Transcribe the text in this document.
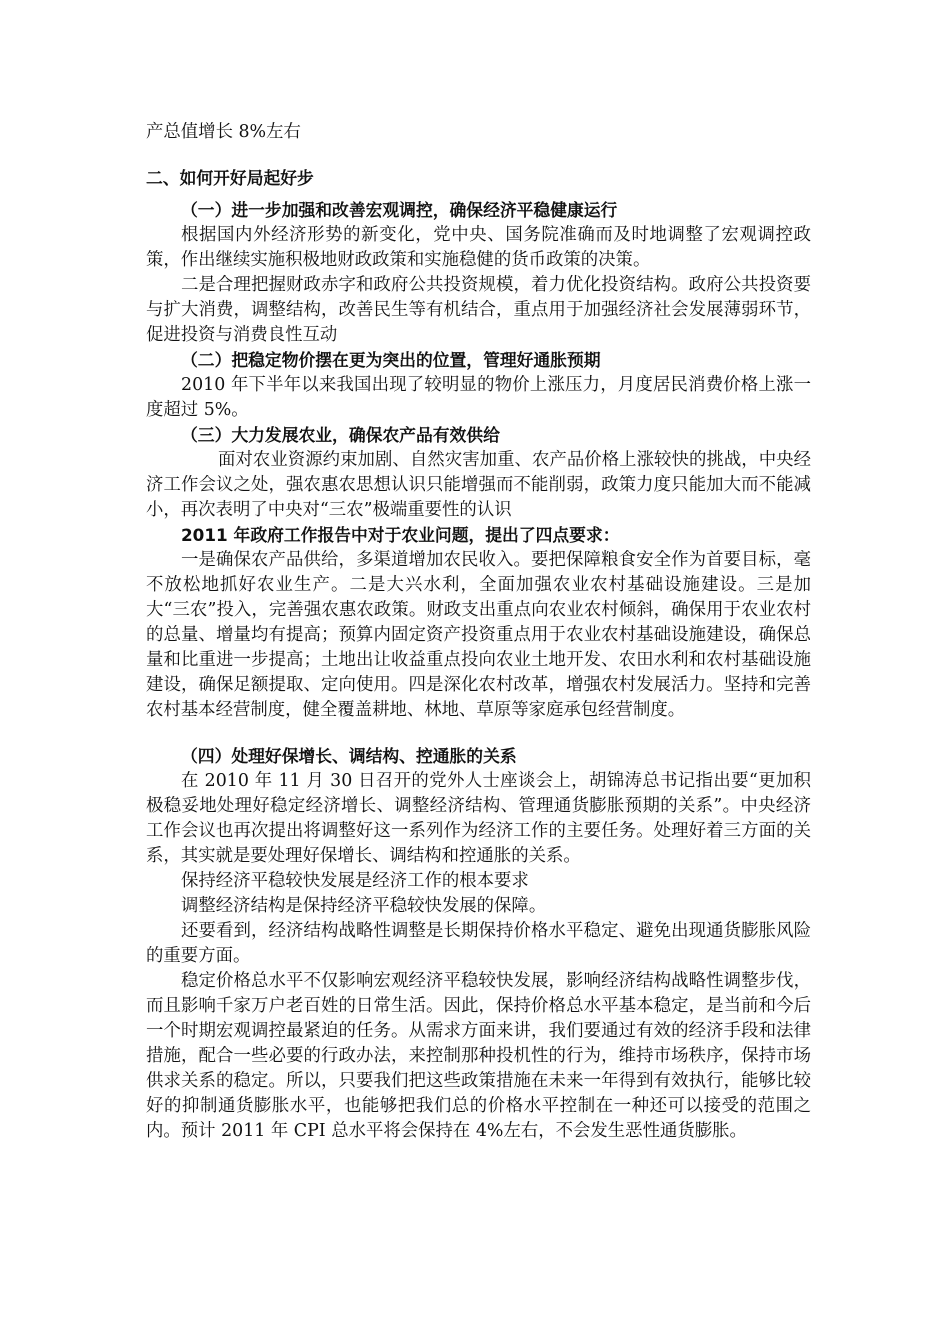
产总值增长 8%左右

二、如何开好局起好步

（一）进一步加强和改善宏观调控，确保经济平稳健康运行

根据国内外经济形势的新变化，党中央、国务院准确而及时地调整了宏观调控政策，作出继续实施积极地财政政策和实施稳健的货币政策的决策。

二是合理把握财政赤字和政府公共投资规模，着力优化投资结构。政府公共投资要与扩大消费，调整结构，改善民生等有机结合，重点用于加强经济社会发展薄弱环节，促进投资与消费良性互动

（二）把稳定物价摆在更为突出的位置，管理好通胀预期

2010 年下半年以来我国出现了较明显的物价上涨压力，月度居民消费价格上涨一度超过 5%。

（三）大力发展农业，确保农产品有效供给

面对农业资源约束加剧、自然灾害加重、农产品价格上涨较快的挑战，中央经济工作会议之处，强农惠农思想认识只能增强而不能削弱，政策力度只能加大而不能减小，再次表明了中央对“三农”极端重要性的认识

2011 年政府工作报告中对于农业问题，提出了四点要求：

一是确保农产品供给，多渠道增加农民收入。要把保障粮食安全作为首要目标，毫不放松地抓好农业生产。二是大兴水利，全面加强农业农村基础设施建设。三是加大“三农”投入，完善强农惠农政策。财政支出重点向农业农村倾斜，确保用于农业农村的总量、增量均有提高；预算内固定资产投资重点用于农业农村基础设施建设，确保总量和比重进一步提高；土地出让收益重点投向农业土地开发、农田水利和农村基础设施建设，确保足额提取、定向使用。四是深化农村改革，增强农村发展活力。坚持和完善农村基本经营制度，健全覆盖耕地、林地、草原等家庭承包经营制度。

（四）处理好保增长、调结构、控通胀的关系

在 2010 年 11 月 30 日召开的党外人士座谈会上，胡锦涛总书记指出要“更加积极稳妥地处理好稳定经济增长、调整经济结构、管理通货膨胀预期的关系”。中央经济工作会议也再次提出将调整好这一系列作为经济工作的主要任务。处理好着三方面的关系，其实就是要处理好保增长、调结构和控通胀的关系。

保持经济平稳较快发展是经济工作的根本要求

调整经济结构是保持经济平稳较快发展的保障。

还要看到，经济结构战略性调整是长期保持价格水平稳定、避免出现通货膨胀风险的重要方面。

稳定价格总水平不仅影响宏观经济平稳较快发展，影响经济结构战略性调整步伐，而且影响千家万户老百姓的日常生活。因此，保持价格总水平基本稳定，是当前和今后一个时期宏观调控最紧迫的任务。从需求方面来讲，我们要通过有效的经济手段和法律措施，配合一些必要的行政办法，来控制那种投机性的行为，维持市场秩序，保持市场供求关系的稳定。所以，只要我们把这些政策措施在未来一年得到有效执行，能够比较好的抑制通货膨胀水平，也能够把我们总的价格水平控制在一种还可以接受的范围之内。预计 2011 年 CPI 总水平将会保持在 4%左右，不会发生恶性通货膨胀。
